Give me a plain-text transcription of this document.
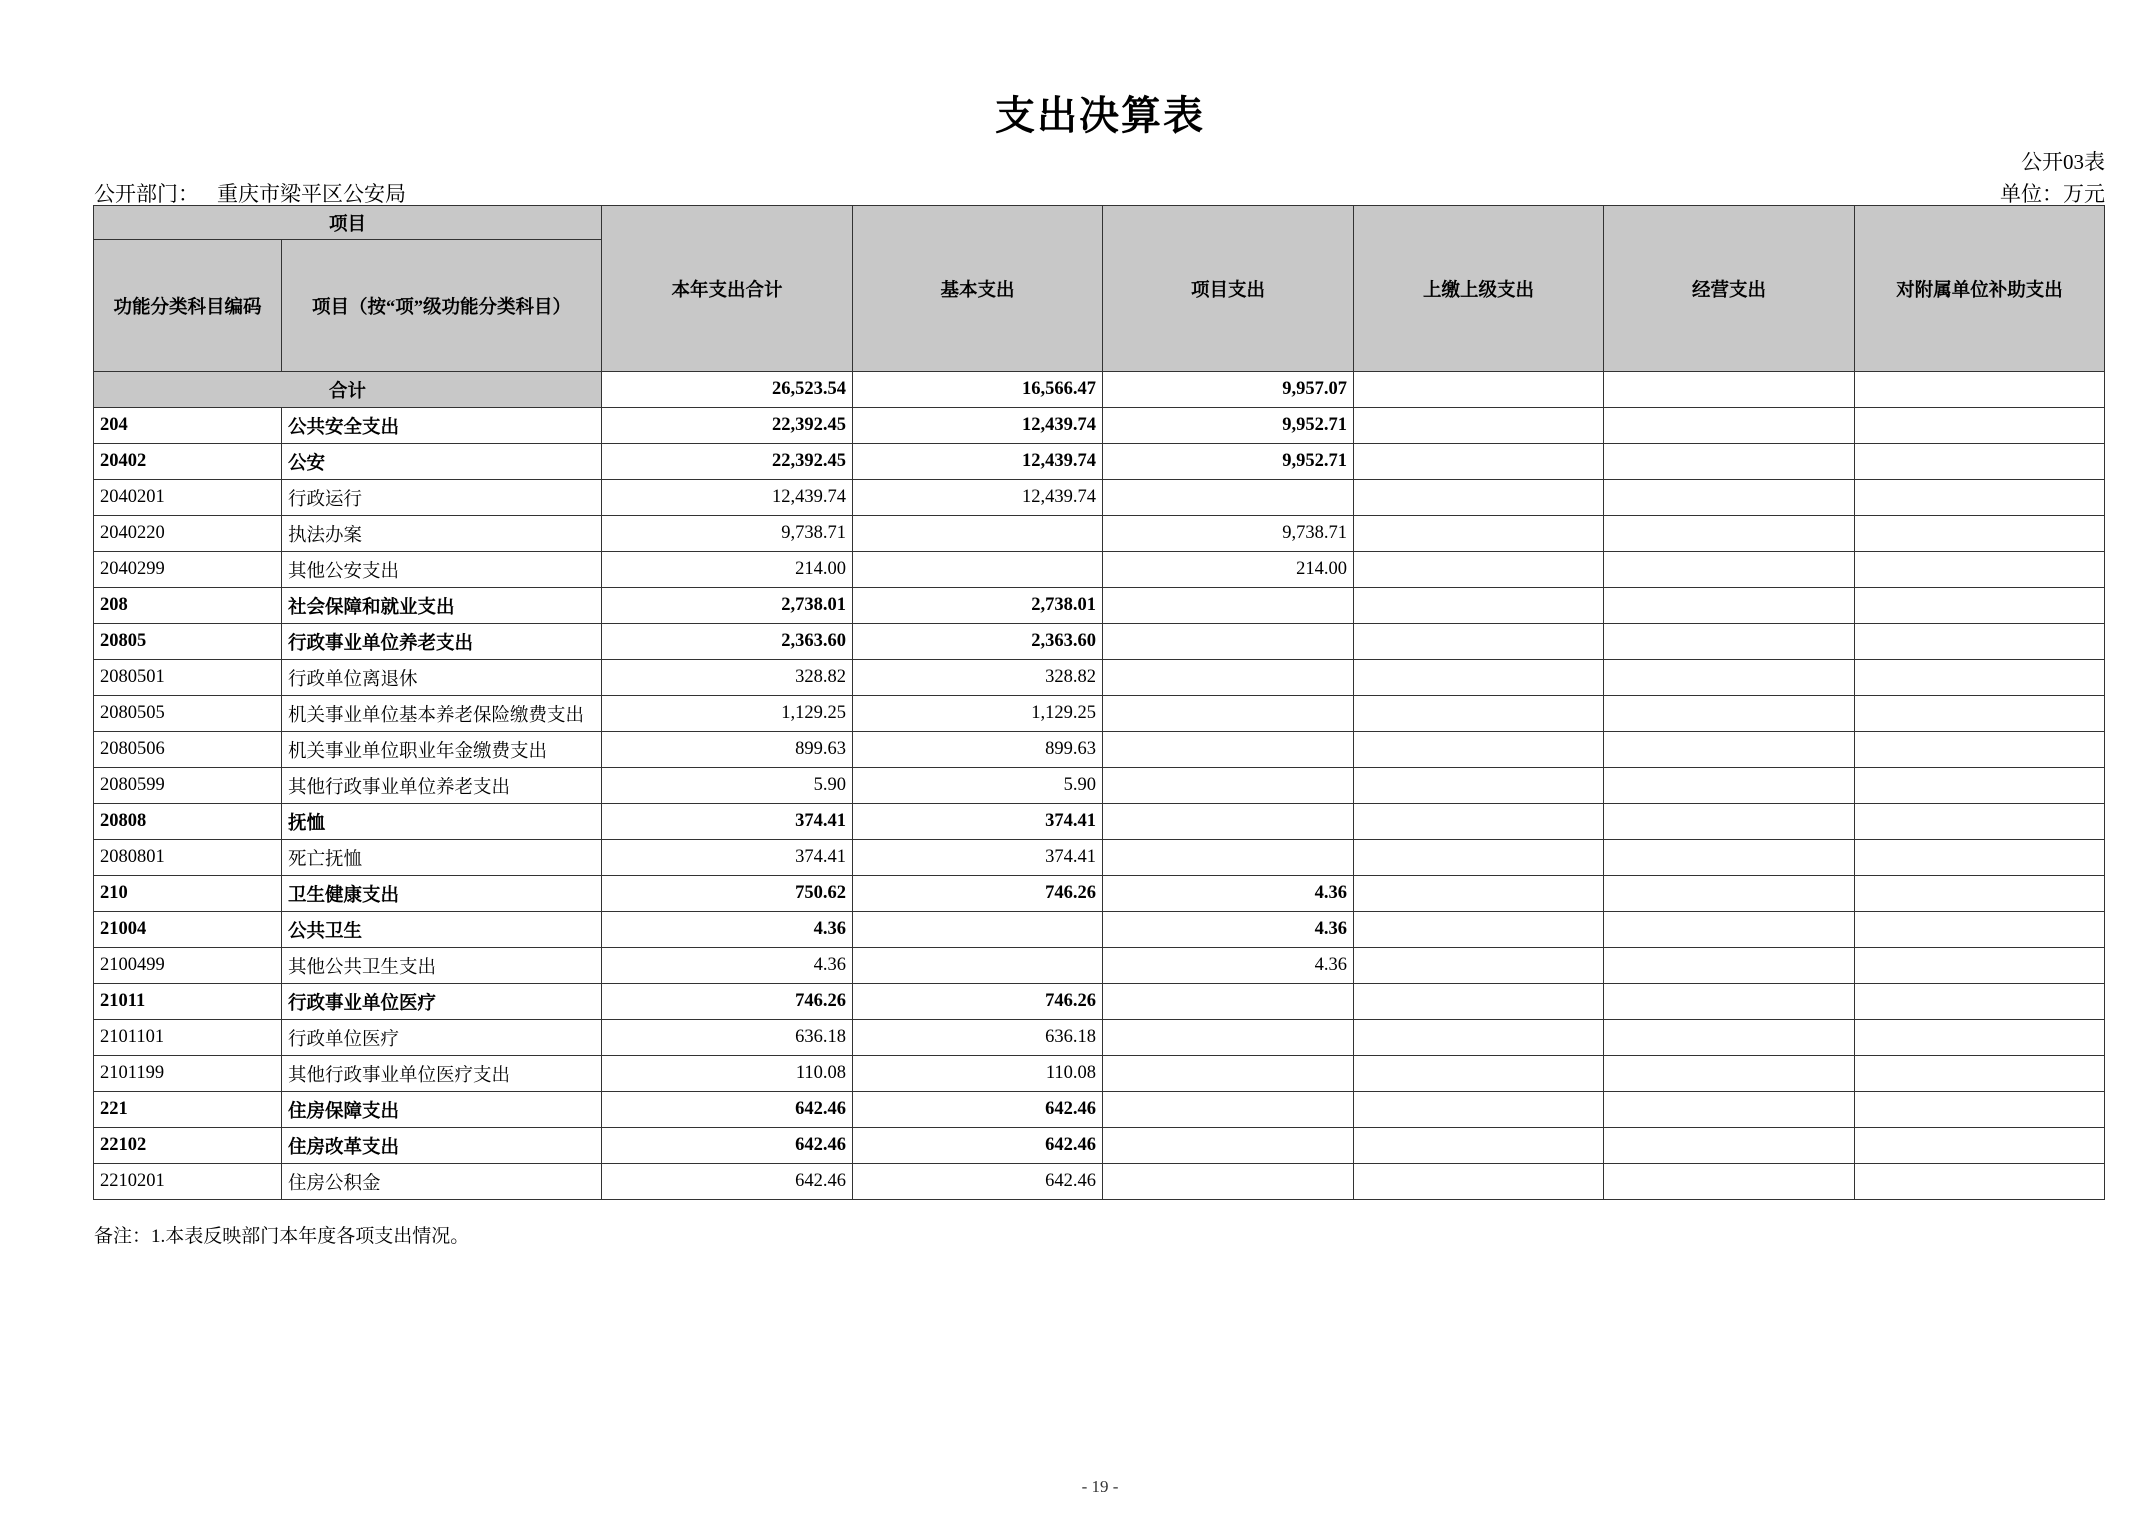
支出决算表
公开03表
公开部门： 重庆市梁平区公安局	单位：万元
项目		本年支出合计	基本支出	项目支出	上缴上级支出	经营支出	对附属单位补助支出
功能分类科目编码	项目（按“项”级功能分类科目）						
合计		26,523.54	16,566.47	9,957.07			
204	公共安全支出	22,392.45	12,439.74	9,952.71			
20402	公安	22,392.45	12,439.74	9,952.71			
2040201	行政运行	12,439.74	12,439.74				
2040220	执法办案	9,738.71		9,738.71			
2040299	其他公安支出	214.00		214.00			
208	社会保障和就业支出	2,738.01	2,738.01				
20805	行政事业单位养老支出	2,363.60	2,363.60				
2080501	行政单位离退休	328.82	328.82				
2080505	机关事业单位基本养老保险缴费支出	1,129.25	1,129.25				
2080506	机关事业单位职业年金缴费支出	899.63	899.63				
2080599	其他行政事业单位养老支出	5.90	5.90				
20808	抚恤	374.41	374.41				
2080801	死亡抚恤	374.41	374.41				
210	卫生健康支出	750.62	746.26	4.36			
21004	公共卫生	4.36		4.36			
2100499	其他公共卫生支出	4.36		4.36			
21011	行政事业单位医疗	746.26	746.26				
2101101	行政单位医疗	636.18	636.18				
2101199	其他行政事业单位医疗支出	110.08	110.08				
221	住房保障支出	642.46	642.46				
22102	住房改革支出	642.46	642.46				
2210201	住房公积金	642.46	642.46				
备注：1.本表反映部门本年度各项支出情况。
- 19 -
